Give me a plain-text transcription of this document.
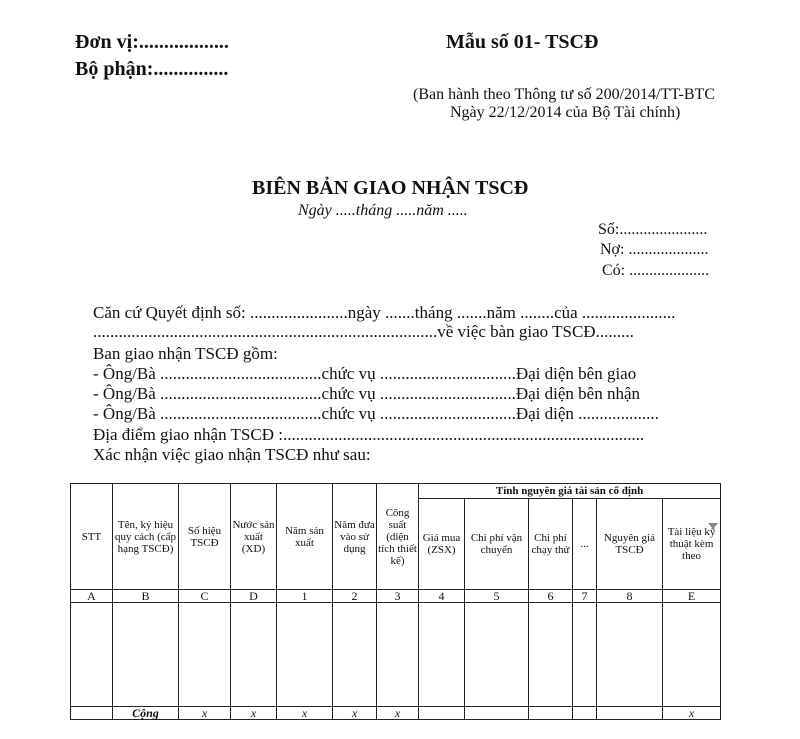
Đơn vị:..................
Bộ phận:...............
Mẫu số 01- TSCĐ
(Ban hành theo Thông tư số 200/2014/TT-BTC
Ngày 22/12/2014 của Bộ Tài chính)
BIÊN BẢN GIAO NHẬN TSCĐ
Ngày .....tháng .....năm .....
Số:......................
Nợ: ....................
Có: ....................
Căn cứ Quyết định số: .......................ngày .......tháng .......năm ........của ......................
.................................................................................về việc bàn giao TSCĐ.........
Ban giao nhận TSCĐ gồm:
- Ông/Bà ......................................chức vụ ................................Đại diện bên giao
- Ông/Bà ......................................chức vụ ................................Đại diện bên nhận
- Ông/Bà ......................................chức vụ ................................Đại diện ...................
Địa điểm giao nhận TSCĐ :.....................................................................................
Xác nhận việc giao nhận TSCĐ như sau:
STT	Tên, ký hiệu quy cách (cấp hạng TSCĐ)	Số hiệu TSCĐ	Nước sản xuất (XD)	Năm sản xuất	Năm đưa vào sử dụng	Công suất (diện tích thiết kế)	Tính nguyên giá tài sản cố định					
							Giá mua (ZSX)	Chi phí vận chuyển	Chi phí chạy thử	...	Nguyên giá TSCĐ	Tài liệu kỹ thuật kèm theo

A	B	C	D	1	2	3	4	5	6	7	8	E

	Cộng	x	x	x	x	x						x
